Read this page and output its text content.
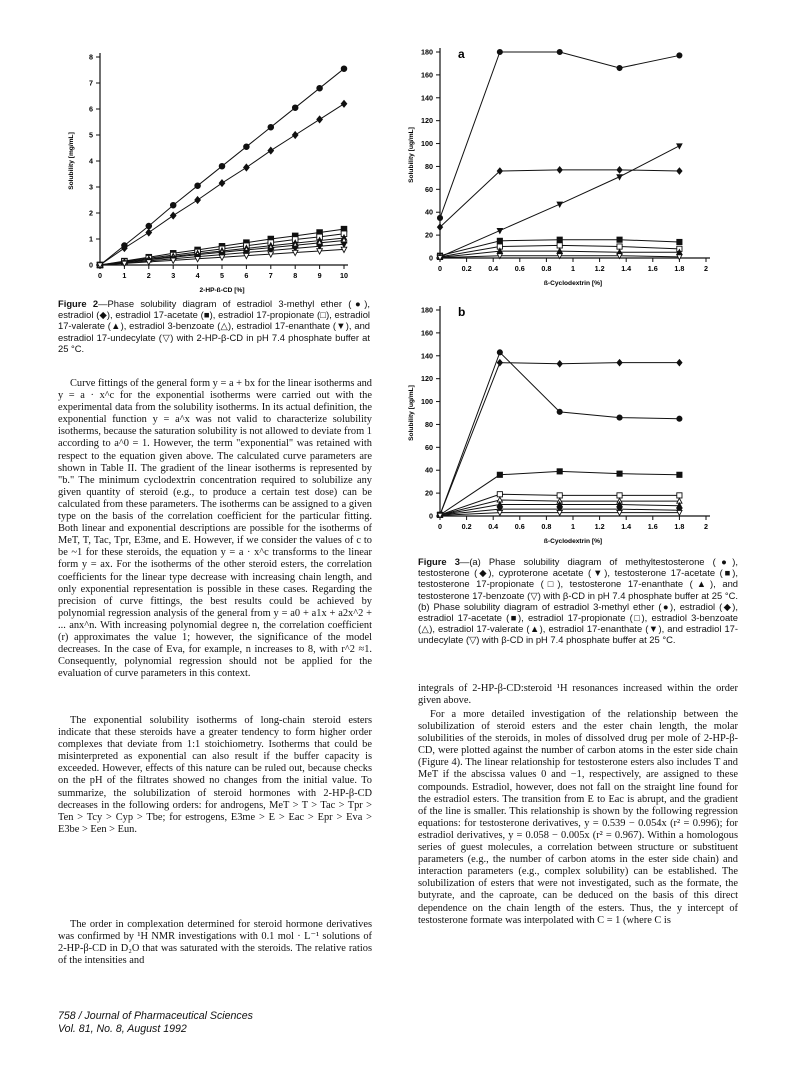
0
1
2
3
4
5
6
7
8
0	1	2	3	4	5	6	7	8	9	10
2-HP-ß-CD [%]
Solubility [mg/mL]
0
20
40
60
80
100
120
140
160
180
0	0.2 0.4 0.6 0.8	1	1.2 1.4 1.6 1.8	2
ß-Cyclodextrin [%]
Solubility [ug/mL]
a
0
20
40
60
80
100
120
140
160
180
0	0.2 0.4 0.6 0.8	1	1.2 1.4 1.6 1.8	2
ß-Cyclodextrin [%]
Solubility [ug/mL]
b
Figure 2—Phase solubility diagram of estradiol 3-methyl ether (●), estradiol (◆), estradiol 17-acetate (■), estradiol 17-propionate (□), estradiol 17-valerate (▲), estradiol 3-benzoate (△), estradiol 17-enanthate (▼), and estradiol 17-undecylate (▽) with 2-HP-β-CD in pH 7.4 phosphate buffer at 25 °C.
Figure 3—(a) Phase solubility diagram of methyltestosterone (●), testosterone (◆), cyproterone acetate (▼), testosterone 17-acetate (■), testosterone 17-propionate (□), testosterone 17-enanthate (▲), and testosterone 17-benzoate (▽) with β-CD in pH 7.4 phosphate buffer at 25 °C. (b) Phase solubility diagram of estradiol 3-methyl ether (●), estradiol (◆), estradiol 17-acetate (■), estradiol 17-propionate (□), estradiol 3-benzoate (△), estradiol 17-valerate (▲), estradiol 17-enanthate (▼), and estradiol 17-undecylate (▽) with β-CD in pH 7.4 phosphate buffer at 25 °C.

Curve fittings of the general form y = a + bx for the linear isotherms and y = a · x^c for the exponential isotherms were carried out with the experimental data from the solubility isotherms. In its actual definition, the exponential function y = a^x was not valid to characterize solubility isotherms, because the saturation solubility is not allowed to deviate from 1 according to a^0 = 1. However, the term "exponential" was retained with respect to the equation given above. The calculated curve parameters are shown in Table II. The gradient of the linear isotherms is represented by "b." The minimum cyclodextrin concentration required to solubilize any given quantity of steroid (e.g., to produce a certain test dose) can be calculated from these parameters. The isotherms can be assigned to a given type on the basis of the correlation coefficient for the particular fitting. Both linear and exponential descriptions are possible for the isotherms of MeT, T, Tac, Tpr, E3me, and E. However, if we consider the values of c to be ~1 for these steroids, the equation y = a · x^c transforms to the linear form y = ax. For the isotherms of the other steroid esters, the correlation coefficients for the linear type decrease with increasing chain length, and only exponential representation is possible in these cases. Regarding the precision of curve fittings, the best results could be achieved by polynomial regression analysis of the general from y = a0 + a1x + a2x^2 + ... anx^n. With increasing polynomial degree n, the correlation coefficient (r) approximates the value 1; however, the significance of the model decreases. In the case of Eva, for example, n increases to 8, with r^2 ≈1. Consequently, polynomial regression should not be applied for the evaluation of curve parameters in this context.

The exponential solubility isotherms of long-chain steroid esters indicate that these steroids have a greater tendency to form higher order complexes that deviate from 1:1 stoichiometry. Isotherms that could be misinterpreted as exponential can also result if the buffer capacity is exceeded. However, effects of this nature can be ruled out, because checks on the pH of the filtrates showed no changes from the initial value. To summarize, the solubilization of steroid hormones with 2-HP-β-CD decreases in the following orders: for androgens, MeT > T > Tac > Tpr > Ten > Tcy > Cyp > Tbe; for estrogens, E3me > E > Eac > Epr > Eva > E3be > Een > Eun.

The order in complexation determined for steroid hormone derivatives was confirmed by ¹H NMR investigations with 0.1 mol · L⁻¹ solutions of 2-HP-β-CD in D₂O that was saturated with the steroids. The relative ratios of the intensities and

integrals of 2-HP-β-CD:steroid ¹H resonances increased within the order given above.

For a more detailed investigation of the relationship between the solubilization of steroid esters and the ester chain length, the molar solubilities of the steroids, in moles of dissolved drug per mole of 2-HP-β-CD, were plotted against the number of carbon atoms in the ester side chain (Figure 4). The linear relationship for testosterone esters also includes T and MeT if the abscissa values 0 and −1, respectively, are assigned to these compounds. Estradiol, however, does not fall on the straight line found for the estradiol esters. The transition from E to Eac is abrupt, and the gradient of the line is smaller. This relationship is shown by the following regression equations: for testosterone derivatives, y = 0.539 − 0.054x (r² = 0.996); for estradiol derivatives, y = 0.058 − 0.005x (r² = 0.967). Within a homologous series of guest molecules, a correlation between structure or substituent parameters (e.g., the number of carbon atoms in the ester side chain) and interaction parameters (e.g., complex solubility) can be established. The solubilization of esters that were not investigated, such as the formate, the butyrate, and the caproate, can be deduced on the basis of this direct dependence on the chain length of the esters. Thus, the y intercept of testosterone formate was interpolated with C = 1 (where C is

758 / Journal of Pharmaceutical Sciences
Vol. 81, No. 8, August 1992
